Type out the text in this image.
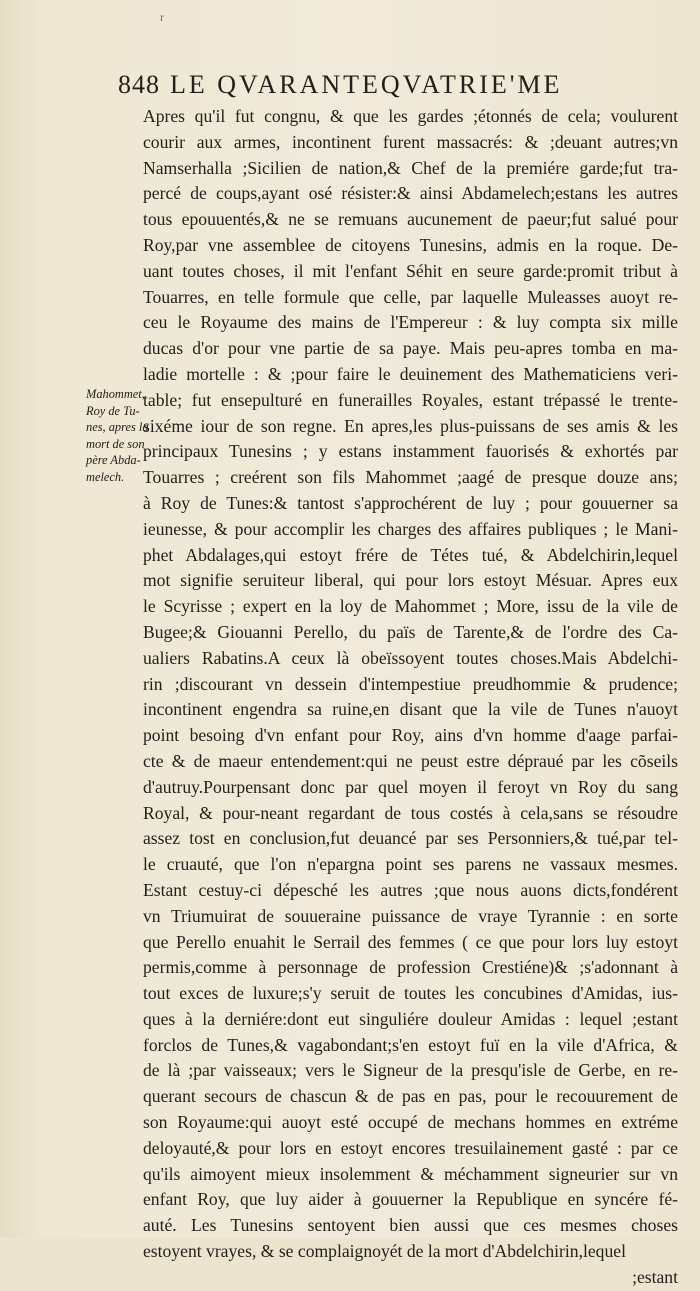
r
848 LE QVARANTEQVATRIE'ME
Mahommet,
Roy de Tu-
nes, apres la
mort de son
père Abda-
melech.
Apres qu'il fut congnu, & que les gardes ;étonnés de cela; voulurent
courir aux armes, incontinent furent massacrés: & ;deuant autres;vn
Namserhalla ;Sicilien de nation,& Chef de la premiére garde;fut tra-
percé de coups,ayant osé résister:& ainsi Abdamelech;estans les autres
tous epouuentés,& ne se remuans aucunement de paeur;fut salué pour
Roy,par vne assemblee de citoyens Tunesins, admis en la roque. De-
uant toutes choses, il mit l'enfant Séhit en seure garde:promit tribut à
Touarres, en telle formule que celle, par laquelle Muleasses auoyt re-
ceu le Royaume des mains de l'Empereur : & luy compta six mille
ducas d'or pour vne partie de sa paye. Mais peu-apres tomba en ma-
ladie mortelle : & ;pour faire le deuinement des Mathematiciens veri-
table; fut ensepulturé en funerailles Royales, estant trépassé le trente-
sixéme iour de son regne. En apres,les plus-puissans de ses amis & les
principaux Tunesins ; y estans instamment fauorisés & exhortés par
Touarres ; creérent son fils Mahommet ;aagé de presque douze ans;
à Roy de Tunes:& tantost s'approchérent de luy ; pour gouuerner sa
ieunesse, & pour accomplir les charges des affaires publiques ; le Mani-
phet Abdalages,qui estoyt frére de Tétes tué, & Abdelchirin,lequel
mot signifie seruiteur liberal, qui pour lors estoyt Mésuar. Apres eux
le Scyrisse ; expert en la loy de Mahommet ; More, issu de la vile de
Bugee;& Giouanni Perello, du païs de Tarente,& de l'ordre des Ca-
ualiers Rabatins.A ceux là obeïssoyent toutes choses.Mais Abdelchi-
rin ;discourant vn dessein d'intempestiue preudhommie & prudence;
incontinent engendra sa ruine,en disant que la vile de Tunes n'auoyt
point besoing d'vn enfant pour Roy, ains d'vn homme d'aage parfai-
cte & de maeur entendement:qui ne peust estre dépraué par les cõseils
d'autruy.Pourpensant donc par quel moyen il feroyt vn Roy du sang
Royal, & pour-neant regardant de tous costés à cela,sans se résoudre
assez tost en conclusion,fut deuancé par ses Personniers,& tué,par tel-
le cruauté, que l'on n'epargna point ses parens ne vassaux mesmes.
Estant cestuy-ci dépesché les autres ;que nous auons dicts,fondérent
vn Triumuirat de souueraine puissance de vraye Tyrannie : en sorte
que Perello enuahit le Serrail des femmes ( ce que pour lors luy estoyt
permis,comme à personnage de profession Crestiéne)& ;s'adonnant à
tout exces de luxure;s'y seruit de toutes les concubines d'Amidas, ius-
ques à la derniére:dont eut singuliére douleur Amidas : lequel ;estant
forclos de Tunes,& vagabondant;s'en estoyt fuï en la vile d'Africa, &
de là ;par vaisseaux; vers le Signeur de la presqu'isle de Gerbe, en re-
querant secours de chascun & de pas en pas, pour le recouurement de
son Royaume:qui auoyt esté occupé de mechans hommes en extréme
deloyauté,& pour lors en estoyt encores tresuilainement gasté : par ce
qu'ils aimoyent mieux insolemment & méchamment signeurier sur vn
enfant Roy, que luy aider à gouuerner la Republique en syncére fé-
auté. Les Tunesins sentoyent bien aussi que ces mesmes choses
estoyent vrayes, & se complaignoyét de la mort d'Abdelchirin,lequel
;estant
